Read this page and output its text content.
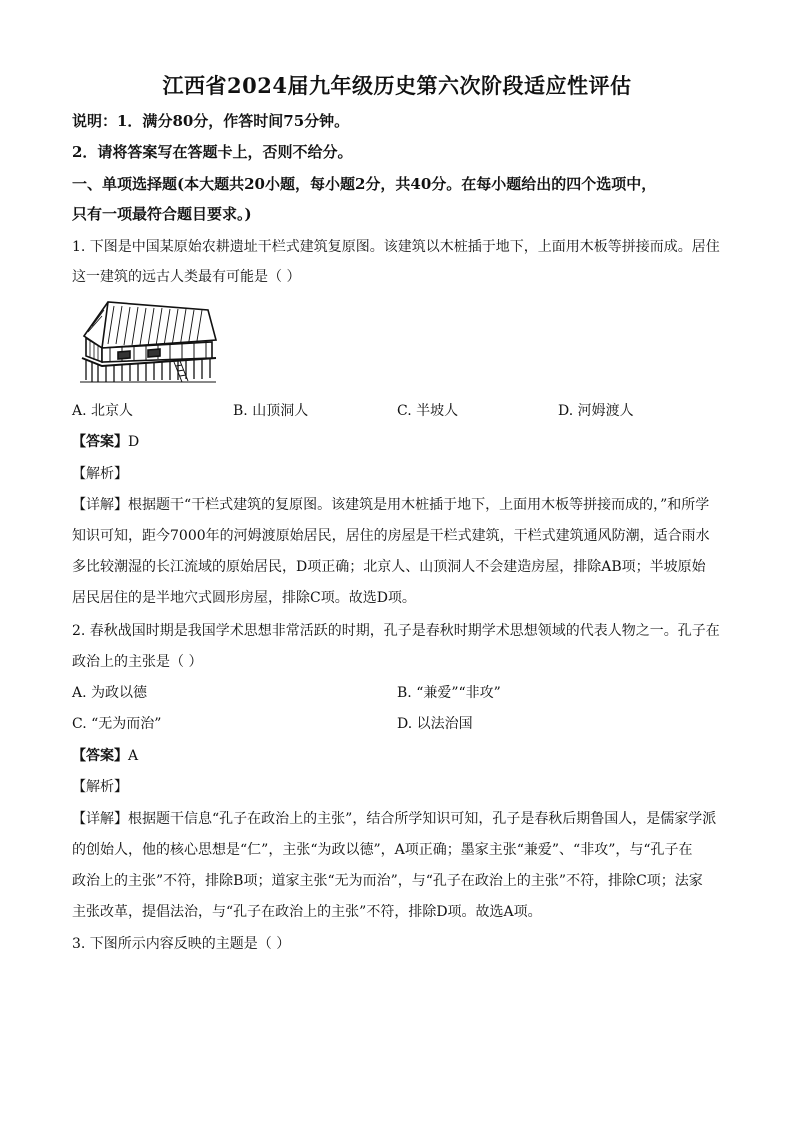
江西省2024届九年级历史第六次阶段适应性评估
说明：1．满分80分，作答时间75分钟。
2．请将答案写在答题卡上，否则不给分。
一、单项选择题(本大题共20小题，每小题2分，共40分。在每小题给出的四个选项中，
只有一项最符合题目要求。)
1. 下图是中国某原始农耕遗址干栏式建筑复原图。该建筑以木桩插于地下，上面用木板等拼接而成。居住
这一建筑的远古人类最有可能是（ ）
A. 北京人	B. 山顶洞人	C. 半坡人	D. 河姆渡人
【答案】D
【解析】
【详解】根据题干“干栏式建筑的复原图。该建筑是用木桩插于地下，上面用木板等拼接而成的，”和所学
知识可知，距今7000年的河姆渡原始居民，居住的房屋是干栏式建筑，干栏式建筑通风防潮，适合雨水
多比较潮湿的长江流域的原始居民，D项正确；北京人、山顶洞人不会建造房屋，排除AB项；半坡原始
居民居住的是半地穴式圆形房屋，排除C项。故选D项。
2. 春秋战国时期是我国学术思想非常活跃的时期，孔子是春秋时期学术思想领域的代表人物之一。孔子在
政治上的主张是（ ）
A. 为政以德	B. “兼爱”“非攻”
C. “无为而治”	D. 以法治国
【答案】A
【解析】
【详解】根据题干信息“孔子在政治上的主张”，结合所学知识可知，孔子是春秋后期鲁国人，是儒家学派
的创始人，他的核心思想是“仁”，主张“为政以德”，A项正确；墨家主张“兼爱”、“非攻”，与“孔子在
政治上的主张”不符，排除B项；道家主张“无为而治”，与“孔子在政治上的主张”不符，排除C项；法家
主张改革，提倡法治，与“孔子在政治上的主张”不符，排除D项。故选A项。
3. 下图所示内容反映的主题是（ ）
